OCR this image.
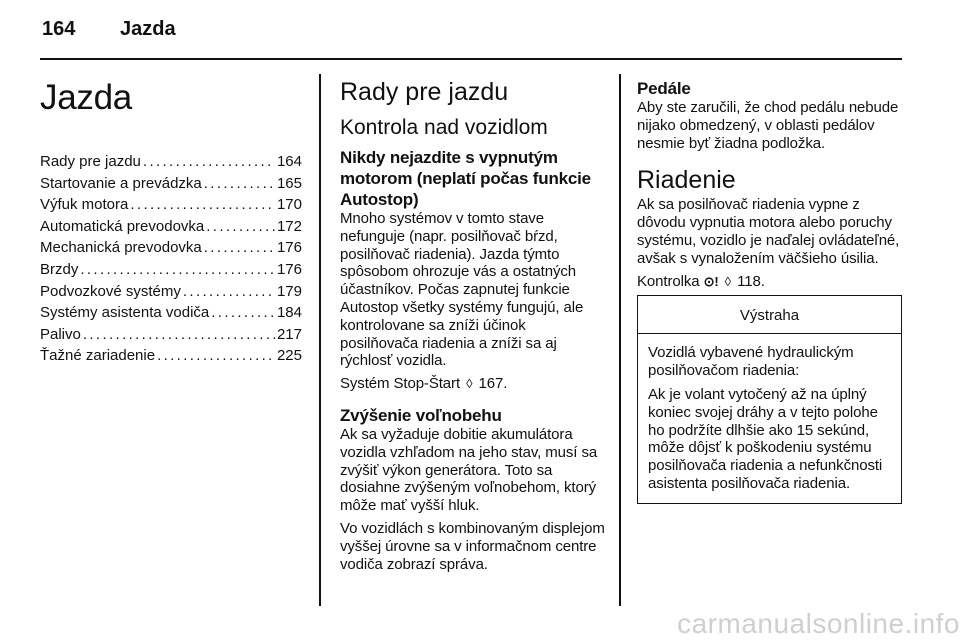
164	Jazda
Jazda
Rady pre jazdu . . .	164
Startovanie a prevádzka . . .	165
Výfuk motora . . .	170
Automatická prevodovka . . .	172
Mechanická prevodovka . . .	176
Brzdy . . .	176
Podvozkové systémy . . .	179
Systémy asistenta vodiča . . .	184
Palivo . . .	217
Ťažné zariadenie . . .	225
Rady pre jazdu
Kontrola nad vozidlom
Nikdy nejazdite s vypnutým motorom (neplatí počas funkcie Autostop)

Mnoho systémov v tomto stave nefunguje (napr. posilňovač bŕzd, posilňovač riadenia). Jazda týmto spôsobom ohrozuje vás a ostatných účastníkov. Počas zapnutej funkcie Autostop všetky systémy fungujú, ale kontrolovane sa zníži účinok posilňovača riadenia a zníži sa aj rýchlosť vozidla.

Systém Stop-Štart ◊ 167.

Zvýšenie voľnobehu

Ak sa vyžaduje dobitie akumulátora vozidla vzhľadom na jeho stav, musí sa zvýšiť výkon generátora. Toto sa dosiahne zvýšeným voľnobehom, ktorý môže mať vyšší hluk.

Vo vozidlách s kombinovaným displejom vyššej úrovne sa v informačnom centre vodiča zobrazí správa.

Pedále

Aby ste zaručili, že chod pedálu nebude nijako obmedzený, v oblasti pedálov nesmie byť žiadna podložka.

Riadenie

Ak sa posilňovač riadenia vypne z dôvodu vypnutia motora alebo poruchy systému, vozidlo je naďalej ovládateľné, avšak s vynaložením väčšieho úsilia.

Kontrolka ⊙! ◊ 118.

Výstraha

Vozidlá vybavené hydraulickým posilňovačom riadenia:

Ak je volant vytočený až na úplný koniec svojej dráhy a v tejto polohe ho podržíte dlhšie ako 15 sekúnd, môže dôjsť k poškodeniu systému posilňovača riadenia a nefunkčnosti asistenta posilňovača riadenia.

carmanualsonline.info
